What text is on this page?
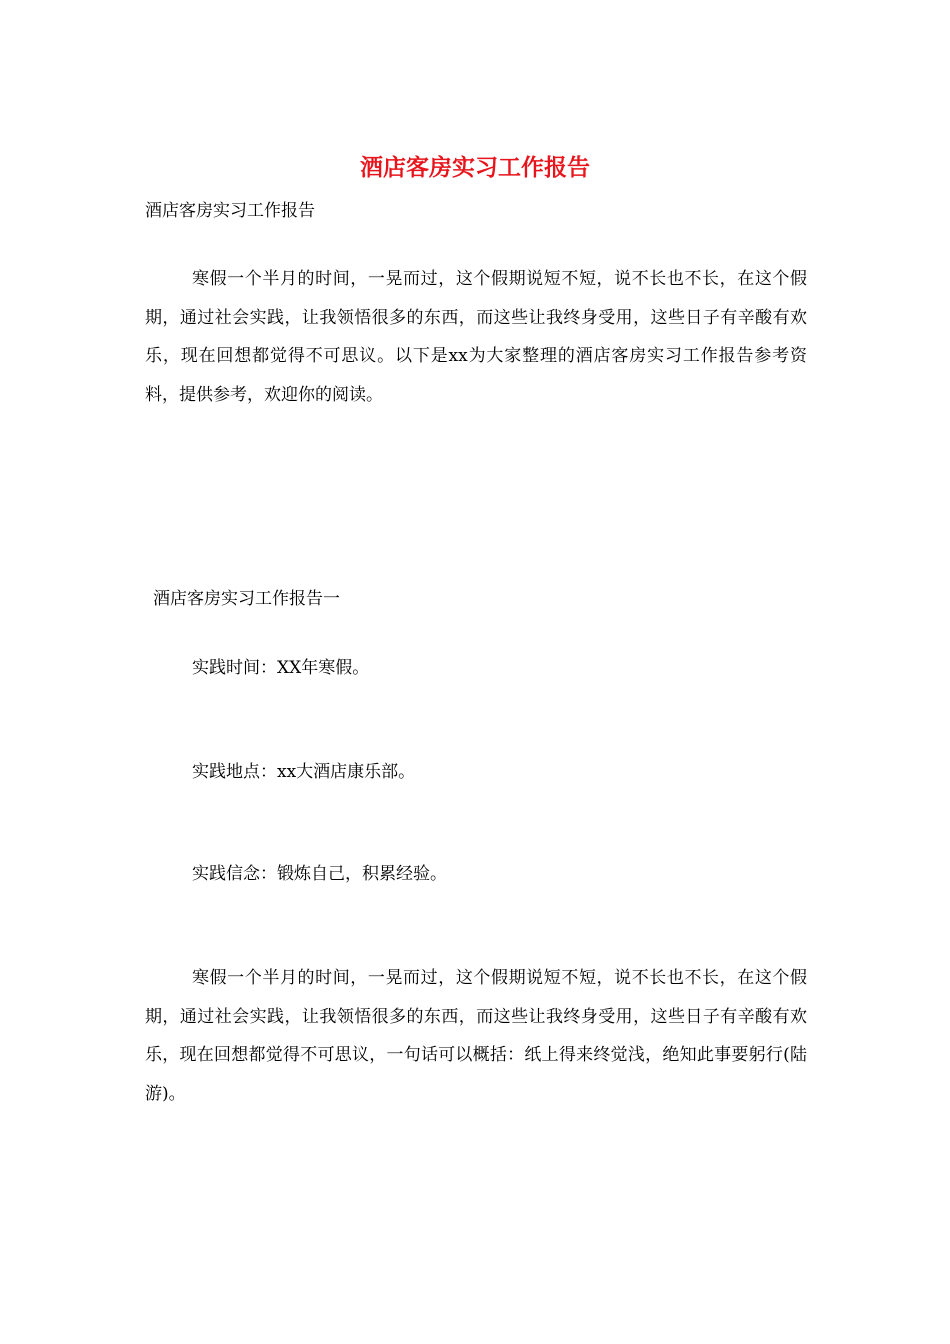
酒店客房实习工作报告

酒店客房实习工作报告

寒假一个半月的时间，一晃而过，这个假期说短不短，说不长也不长，在这个假期，通过社会实践，让我领悟很多的东西，而这些让我终身受用，这些日子有辛酸有欢乐，现在回想都觉得不可思议。以下是xx为大家整理的酒店客房实习工作报告参考资料，提供参考，欢迎你的阅读。

酒店客房实习工作报告一

实践时间：XX年寒假。

实践地点：xx大酒店康乐部。

实践信念：锻炼自己，积累经验。

寒假一个半月的时间，一晃而过，这个假期说短不短，说不长也不长，在这个假期，通过社会实践，让我领悟很多的东西，而这些让我终身受用，这些日子有辛酸有欢乐，现在回想都觉得不可思议，一句话可以概括：纸上得来终觉浅，绝知此事要躬行(陆游)。
